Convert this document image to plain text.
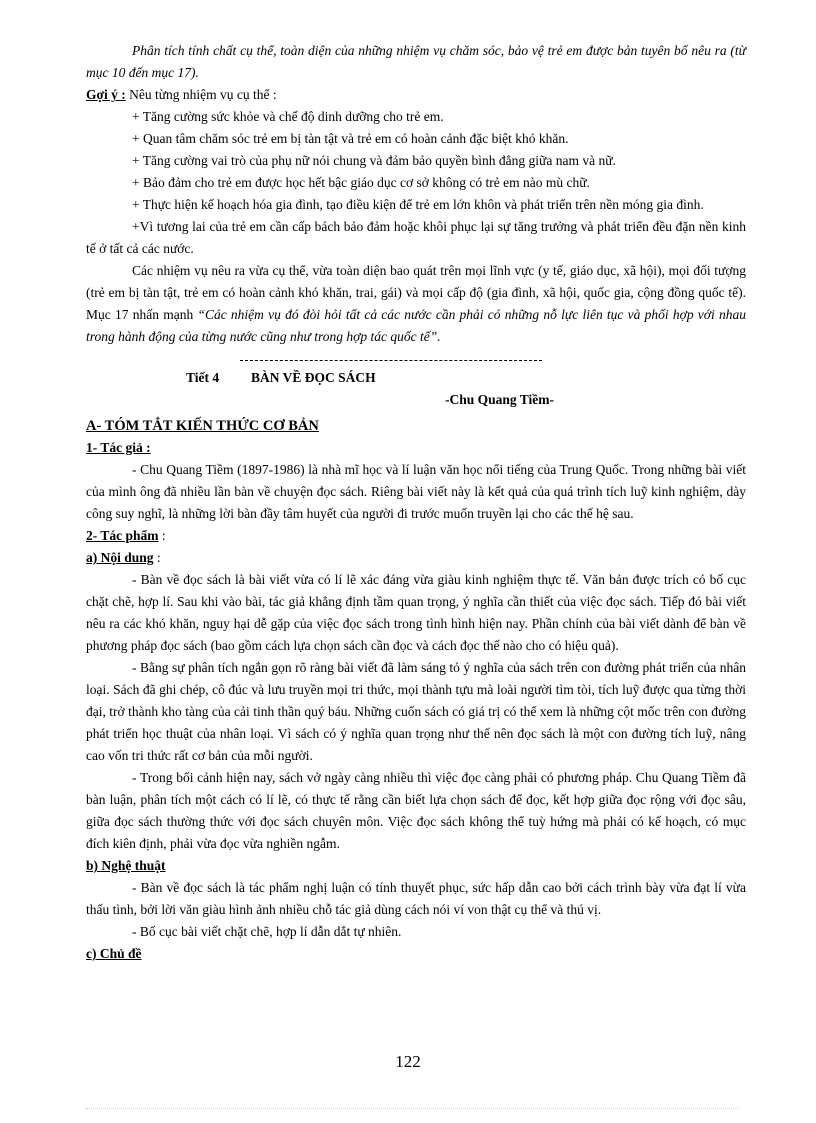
Phân tích tính chất cụ thể, toàn diện của những nhiệm vụ chăm sóc, bảo vệ trẻ em được bản tuyên bố nêu ra (từ mục 10 đến mục 17).

Gợi ý : Nêu từng nhiệm vụ cụ thể :

+ Tăng cường sức khỏe và chế độ dinh dưỡng cho trẻ em.

+ Quan tâm chăm sóc trẻ em bị tàn tật và trẻ em có hoàn cảnh đặc biệt khó khăn.

+ Tăng cường vai trò của phụ nữ nói chung và đảm bảo quyền bình đẳng giữa nam và nữ.

+ Bảo đảm cho trẻ em được học hết bậc giáo dục cơ sở không có trẻ em nào mù chữ.

+ Thực hiện kế hoạch hóa gia đình, tạo điều kiện để trẻ em lớn khôn và phát triển trên nền móng gia đình.

+Vì tương lai của trẻ em cần cấp bách bảo đảm hoặc khôi phục lại sự tăng trưởng và phát triển đều đặn nền kinh tế ở tất cả các nước.

Các nhiệm vụ nêu ra vừa cụ thể, vừa toàn diện bao quát trên mọi lĩnh vực (y tế, giáo dục, xã hội), mọi đối tượng (trẻ em bị tàn tật, trẻ em có hoàn cảnh khó khăn, trai, gái) và mọi cấp độ (gia đình, xã hội, quốc gia, cộng đồng quốc tế). Mục 17 nhấn mạnh “Các nhiệm vụ đó đòi hỏi tất cả các nước cần phải có những nỗ lực liên tục và phối hợp với nhau trong hành động của từng nước cũng như trong hợp tác quốc tế”.

Tiết 4 BÀN VỀ ĐỌC SÁCH

-Chu Quang Tiềm-

A- TÓM TẮT KIẾN THỨC CƠ BẢN

1- Tác giả :

- Chu Quang Tiềm (1897-1986) là nhà mĩ học và lí luận văn học nổi tiếng của Trung Quốc. Trong những bài viết của mình ông đã nhiều lần bàn về chuyện đọc sách. Riêng bài viết này là kết quả của quá trình tích luỹ kinh nghiệm, dày công suy nghĩ, là những lời bàn đầy tâm huyết của người đi trước muốn truyền lại cho các thế hệ sau.

2- Tác phẩm :

a) Nội dung :

- Bàn về đọc sách là bài viết vừa có lí lẽ xác đáng vừa giàu kinh nghiệm thực tế. Văn bản được trích có bố cục chặt chẽ, hợp lí. Sau khi vào bài, tác giả khẳng định tầm quan trọng, ý nghĩa cần thiết của việc đọc sách. Tiếp đó bài viết nêu ra các khó khăn, nguy hại dễ gặp của việc đọc sách trong tình hình hiện nay. Phần chính của bài viết dành để bàn về phương pháp đọc sách (bao gồm cách lựa chọn sách cần đọc và cách đọc thế nào cho có hiệu quả).

- Bằng sự phân tích ngắn gọn rõ ràng bài viết đã làm sáng tỏ ý nghĩa của sách trên con đường phát triển của nhân loại. Sách đã ghi chép, cô đúc và lưu truyền mọi tri thức, mọi thành tựu mà loài người tìm tòi, tích luỹ được qua từng thời đại, trở thành kho tàng của cải tinh thần quý báu. Những cuốn sách có giá trị có thể xem là những cột mốc trên con đường phát triển học thuật của nhân loại. Vì sách có ý nghĩa quan trọng như thế nên đọc sách là một con đường tích luỹ, nâng cao vốn tri thức rất cơ bản của mỗi người.

- Trong bối cảnh hiện nay, sách vở ngày càng nhiều thì việc đọc càng phải có phương pháp. Chu Quang Tiềm đã bàn luận, phân tích một cách có lí lẽ, có thực tế rằng cần biết lựa chọn sách để đọc, kết hợp giữa đọc rộng với đọc sâu, giữa đọc sách thường thức với đọc sách chuyên môn. Việc đọc sách không thể tuỳ hứng mà phải có kế hoạch, có mục đích kiên định, phải vừa đọc vừa nghiền ngẫm.

b) Nghệ thuật

- Bàn về đọc sách là tác phẩm nghị luận có tính thuyết phục, sức hấp dẫn cao bởi cách trình bày vừa đạt lí vừa thấu tình, bởi lời văn giàu hình ảnh nhiều chỗ tác giả dùng cách nói ví von thật cụ thể và thú vị.

- Bố cục bài viết chặt chẽ, hợp lí dẫn dắt tự nhiên.

c) Chủ đề

122
